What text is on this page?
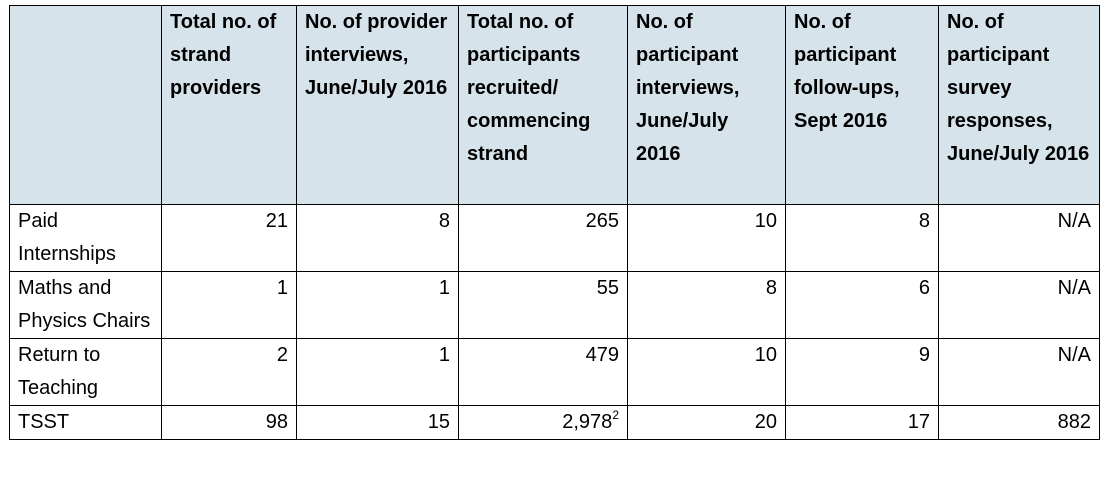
	Total no. of strand providers	No. of provider interviews, June/July 2016	Total no. of participants recruited/ commencing strand	No. of participant interviews, June/July 2016	No. of participant follow-ups, Sept 2016	No. of participant survey responses, June/July 2016
Paid Internships	21	8	265	10	8	N/A
Maths and Physics Chairs	1	1	55	8	6	N/A
Return to Teaching	2	1	479	10	9	N/A
TSST	98	15	2,978$^2$	20	17	882
